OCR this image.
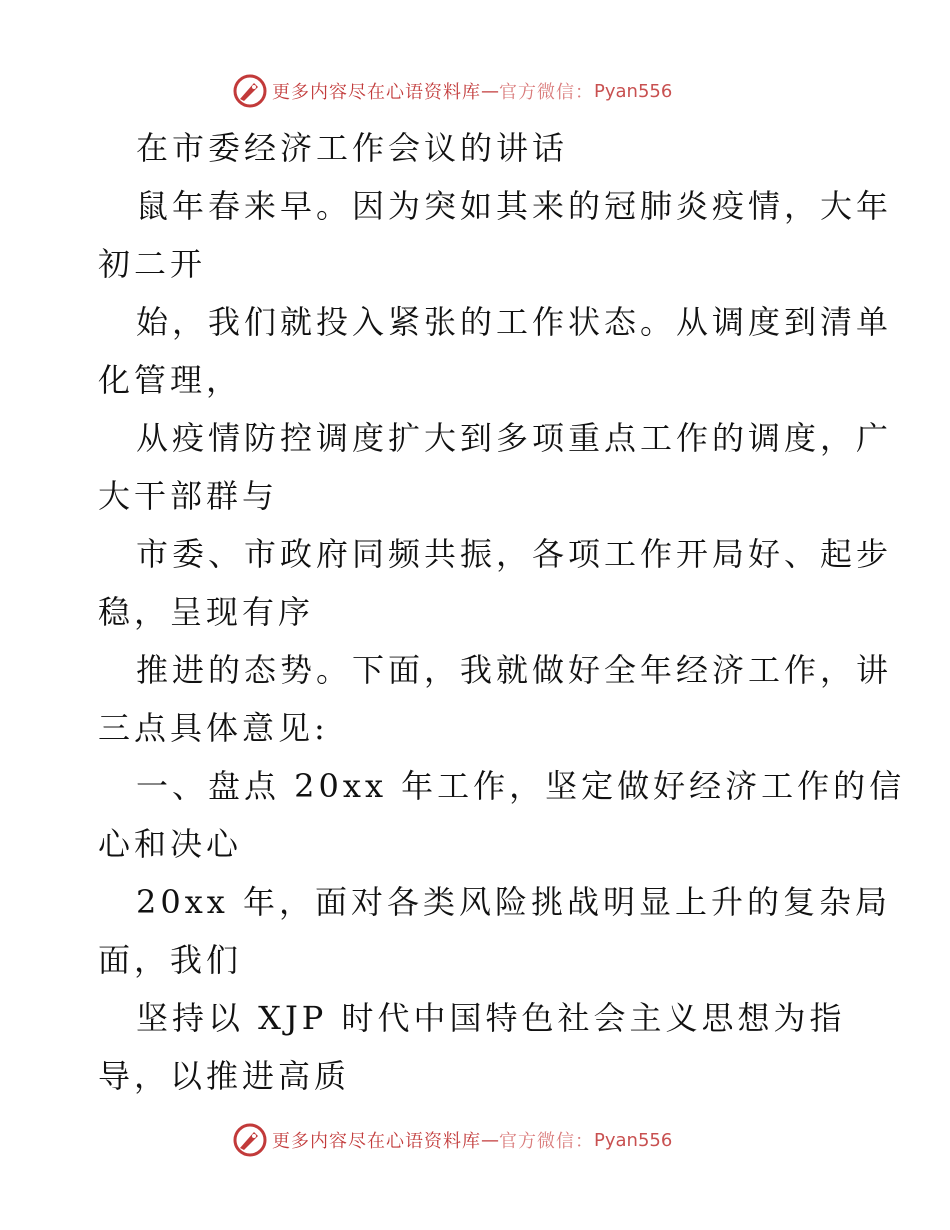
更多内容尽在心语资料库 — 官方微信： Pyan556
在市委经济工作会议的讲话
鼠年春来早。因为突如其来的冠肺炎疫情，大年
初二开
始，我们就投入紧张的工作状态。从调度到清单
化管理，
从疫情防控调度扩大到多项重点工作的调度，广
大干部群与
市委、市政府同频共振，各项工作开局好、起步
稳，呈现有序
推进的态势。下面，我就做好全年经济工作，讲
三点具体意见:
一、盘点 20xx 年工作，坚定做好经济工作的信
心和决心
20xx 年，面对各类风险挑战明显上升的复杂局
面，我们
坚持以 XJP 时代中国特色社会主义思想为指
导，以推进高质
更多内容尽在心语资料库 — 官方微信： Pyan556
